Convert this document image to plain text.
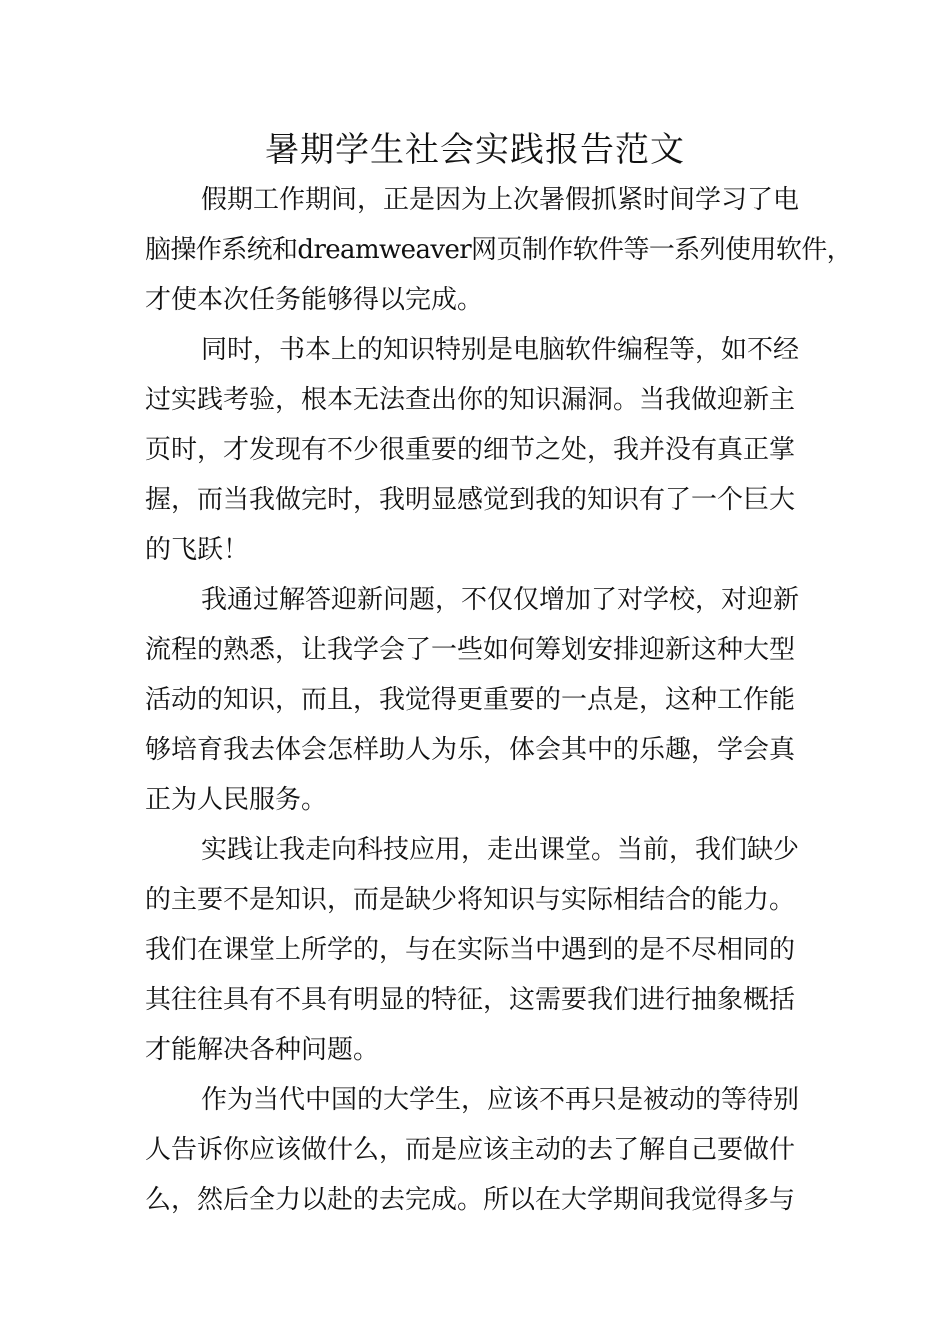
暑期学生社会实践报告范文
假期工作期间，正是因为上次暑假抓紧时间学习了电
脑操作系统和dreamweaver网页制作软件等一系列使用软件，
才使本次任务能够得以完成。
同时，书本上的知识特别是电脑软件编程等，如不经
过实践考验，根本无法查出你的知识漏洞。当我做迎新主
页时，才发现有不少很重要的细节之处，我并没有真正掌
握，而当我做完时，我明显感觉到我的知识有了一个巨大
的飞跃！
我通过解答迎新问题，不仅仅增加了对学校，对迎新
流程的熟悉，让我学会了一些如何筹划安排迎新这种大型
活动的知识，而且，我觉得更重要的一点是，这种工作能
够培育我去体会怎样助人为乐，体会其中的乐趣，学会真
正为人民服务。
实践让我走向科技应用，走出课堂。当前，我们缺少
的主要不是知识，而是缺少将知识与实际相结合的能力。
我们在课堂上所学的，与在实际当中遇到的是不尽相同的
其往往具有不具有明显的特征，这需要我们进行抽象概括
才能解决各种问题。
作为当代中国的大学生，应该不再只是被动的等待别
人告诉你应该做什么，而是应该主动的去了解自己要做什
么，然后全力以赴的去完成。所以在大学期间我觉得多与
